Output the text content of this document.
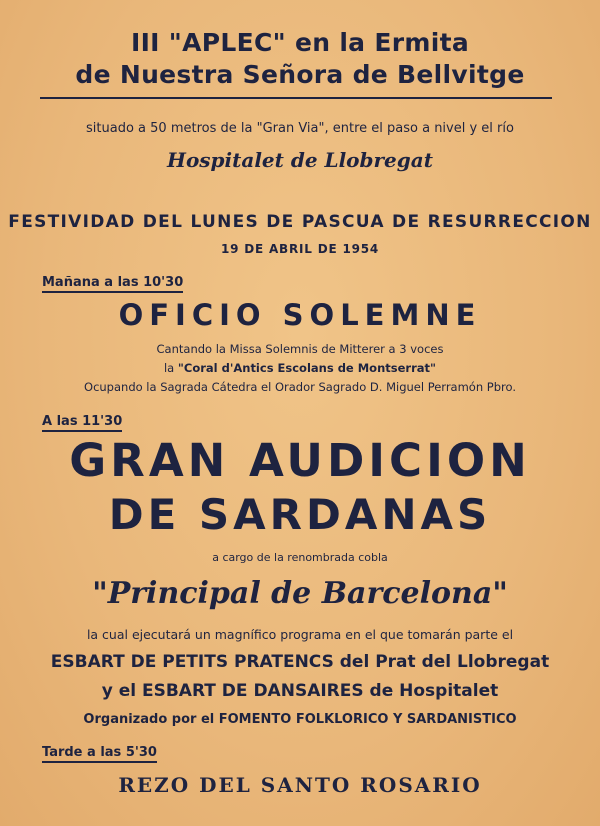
III "APLEC" en la Ermita
de Nuestra Señora de Bellvitge
situado a 50 metros de la "Gran Via", entre el paso a nivel y el río
Hospitalet de Llobregat
FESTIVIDAD DEL LUNES DE PASCUA DE RESURRECCION
19 DE ABRIL DE 1954
Mañana a las 10'30
OFICIO SOLEMNE
Cantando la Missa Solemnis de Mitterer a 3 voces
la "Coral d'Antics Escolans de Montserrat"
Ocupando la Sagrada Cátedra el Orador Sagrado D. Miguel Perramón Pbro.
A las 11'30
GRAN AUDICION
DE SARDANAS
a cargo de la renombrada cobla
"Principal de Barcelona"
la cual ejecutará un magnífico programa en el que tomarán parte el
ESBART DE PETITS PRATENCS del Prat del Llobregat
y el ESBART DE DANSAIRES de Hospitalet
Organizado por el FOMENTO FOLKLORICO Y SARDANISTICO
Tarde a las 5'30
REZO DEL SANTO ROSARIO
